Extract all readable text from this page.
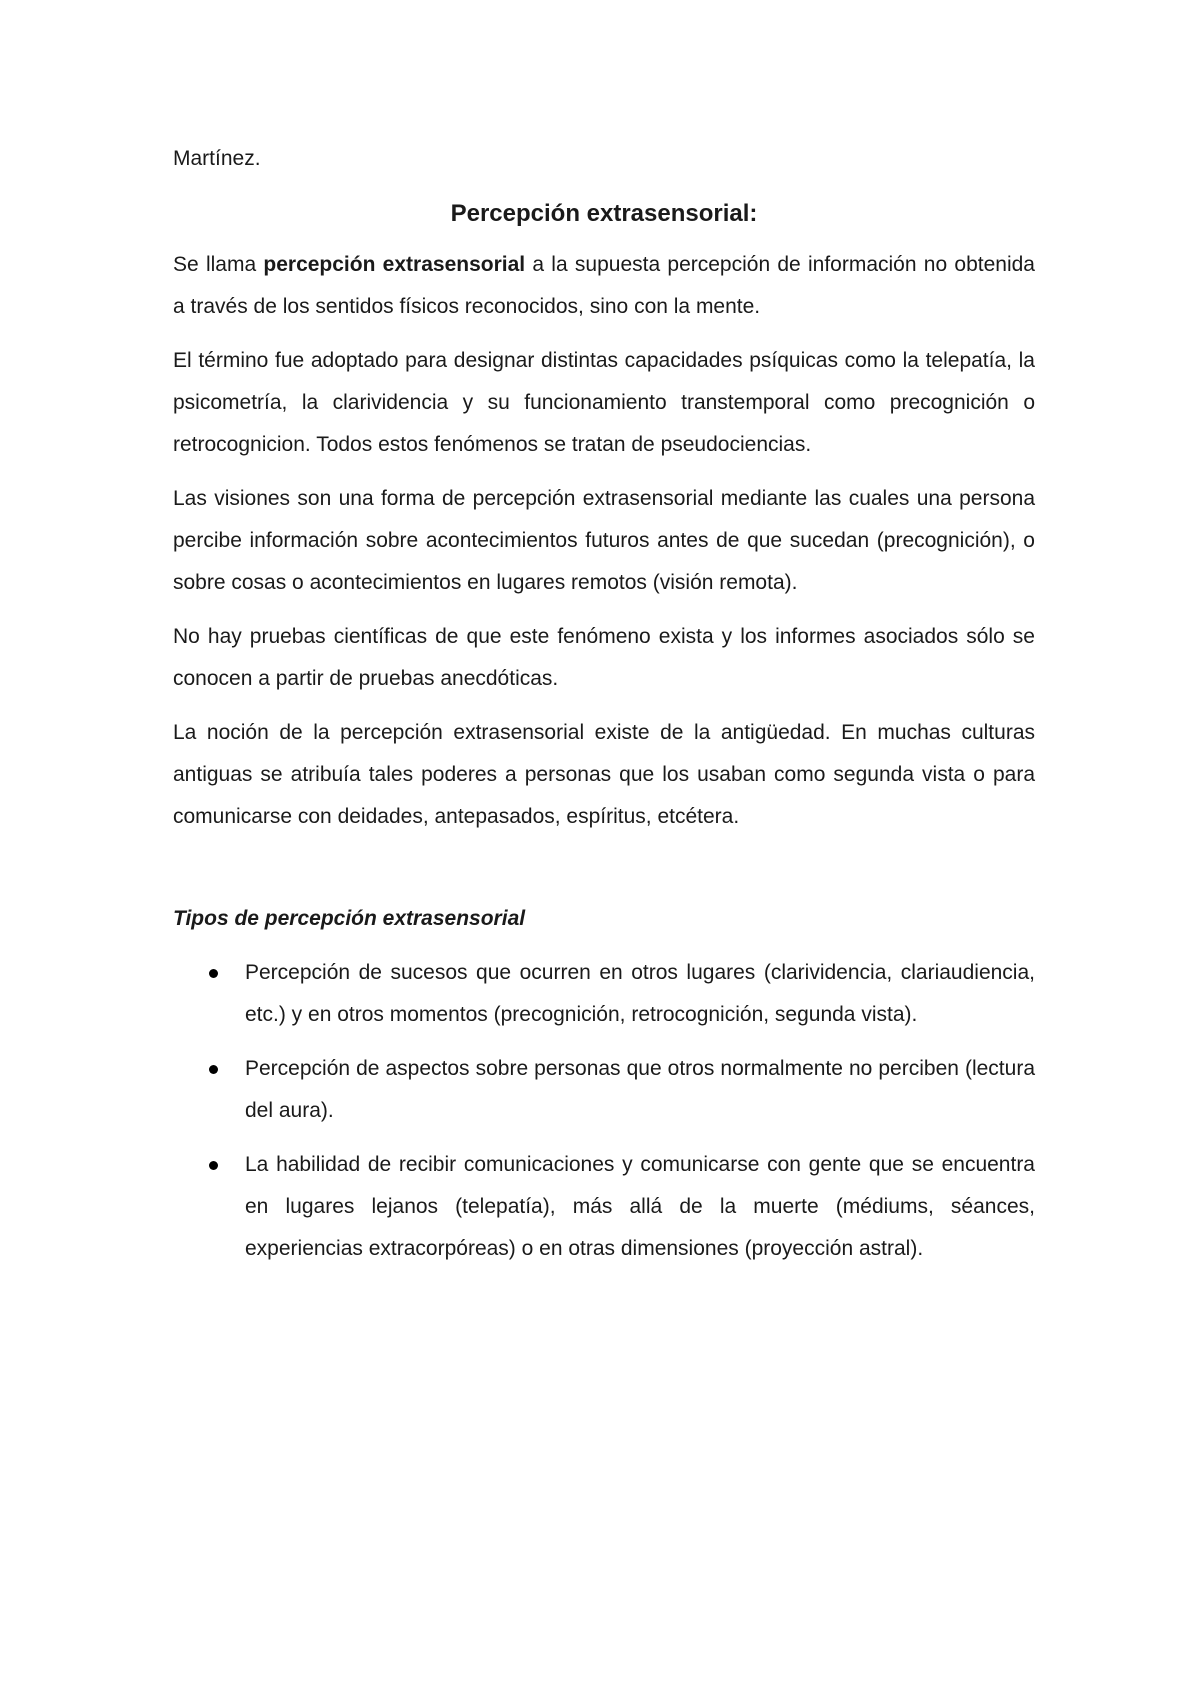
Martínez.
Percepción extrasensorial:

Se llama percepción extrasensorial a la supuesta percepción de información no obtenida a través de los sentidos físicos reconocidos, sino con la mente.

El término fue adoptado para designar distintas capacidades psíquicas como la telepatía, la psicometría, la clarividencia y su funcionamiento transtemporal como precognición o retrocognicion. Todos estos fenómenos se tratan de pseudociencias.

Las visiones son una forma de percepción extrasensorial mediante las cuales una persona percibe información sobre acontecimientos futuros antes de que sucedan (precognición), o sobre cosas o acontecimientos en lugares remotos (visión remota).

No hay pruebas científicas de que este fenómeno exista y los informes asociados sólo se conocen a partir de pruebas anecdóticas.

La noción de la percepción extrasensorial existe de la antigüedad. En muchas culturas antiguas se atribuía tales poderes a personas que los usaban como segunda vista o para comunicarse con deidades, antepasados, espíritus, etcétera.

Tipos de percepción extrasensorial
Percepción de sucesos que ocurren en otros lugares (clarividencia, clariaudiencia, etc.) y en otros momentos (precognición, retrocognición, segunda vista).
Percepción de aspectos sobre personas que otros normalmente no perciben (lectura del aura).
La habilidad de recibir comunicaciones y comunicarse con gente que se encuentra en lugares lejanos (telepatía), más allá de la muerte (médiums, séances, experiencias extracorpóreas) o en otras dimensiones (proyección astral).
